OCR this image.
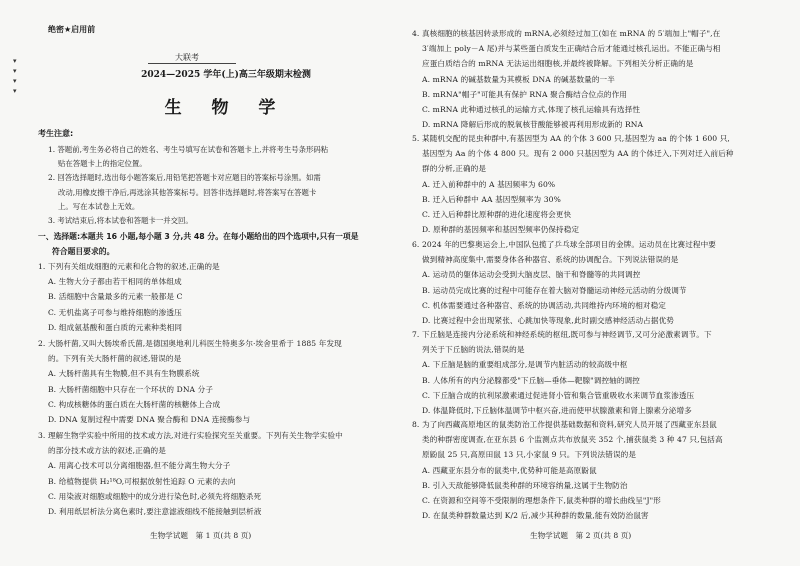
绝密★启用前
▾
▾
▾
▾
大联考
2024—2025 学年(上)高三年级期末检测
生 物 学
考生注意:

1. 答题前,考生务必将自己的姓名、考生号填写在试卷和答题卡上,并将考生号条形码粘

贴在答题卡上的指定位置。

2. 回答选择题时,选出每小题答案后,用铅笔把答题卡对应题目的答案标号涂黑。如需

改动,用橡皮擦干净后,再选涂其他答案标号。回答非选择题时,将答案写在答题卡

上。写在本试卷上无效。

3. 考试结束后,将本试卷和答题卡一并交回。

一、选择题:本题共 16 小题,每小题 3 分,共 48 分。在每小题给出的四个选项中,只有一项是
符合题目要求的。

1. 下列有关组成细胞的元素和化合物的叙述,正确的是

A. 生物大分子都由若干相同的单体组成

B. 活细胞中含量最多的元素一般都是 C

C. 无机盐离子可参与维持细胞的渗透压

D. 组成氨基酸和蛋白质的元素种类相同

2. 大肠杆菌,又叫大肠埃希氏菌,是德国奥地利儿科医生特奥多尔·埃舍里希于 1885 年发现

的。下列有关大肠杆菌的叙述,错误的是

A. 大肠杆菌具有生物膜,但不具有生物膜系统

B. 大肠杆菌细胞中只存在一个环状的 DNA 分子

C. 构成核糖体的蛋白质在大肠杆菌的核糖体上合成

D. DNA 复制过程中需要 DNA 聚合酶和 DNA 连接酶参与

3. 理解生物学实验中所用的技术或方法,对进行实验探究至关重要。下列有关生物学实验中

的部分技术或方法的叙述,正确的是

A. 用离心技术可以分离细胞器,但不能分离生物大分子

B. 给植物提供 H₂¹⁸O,可根据放射性追踪 O 元素的去向

C. 用染液对细胞或细胞中的成分进行染色时,必须先将细胞杀死

D. 利用纸层析法分离色素时,要注意滤液细线不能接触到层析液

4. 真核细胞的核基因转录形成的 mRNA,必须经过加工(如在 mRNA 的 5′端加上"帽子",在

3′端加上 poly－A 尾)并与某些蛋白质发生正确结合后才能通过核孔运出。不能正确与相

应蛋白质结合的 mRNA 无法运出细胞核,并最终被降解。下列相关分析正确的是

A. mRNA 的碱基数量为其模板 DNA 的碱基数量的一半

B. mRNA"帽子"可能具有保护 RNA 聚合酶结合位点的作用

C. mRNA 此种通过核孔的运输方式,体现了核孔运输具有选择性

D. mRNA 降解后形成的脱氧核苷酸能够被再利用形成新的 RNA

5. 某随机交配的昆虫种群中,有基因型为 AA 的个体 3 600 只,基因型为 aa 的个体 1 600 只,

基因型为 Aa 的个体 4 800 只。现有 2 000 只基因型为 AA 的个体迁入,下列对迁入前后种

群的分析,正确的是

A. 迁入前种群中的 A 基因频率为 60%

B. 迁入后种群中 AA 基因型频率为 30%

C. 迁入后种群比原种群的进化速度将会更快

D. 原种群的基因频率和基因型频率仍保持稳定

6. 2024 年的巴黎奥运会上,中国队包揽了乒乓球全部项目的金牌。运动员在比赛过程中要

做到精神高度集中,需要身体各种器官、系统的协调配合。下列说法错误的是

A. 运动员的躯体运动会受到大脑皮层、脑干和脊髓等的共同调控

B. 运动员完成比赛的过程中可能存在着大脑对脊髓运动神经元活动的分级调节

C. 机体需要通过各种器官、系统的协调活动,共同维持内环境的相对稳定

D. 比赛过程中会出现紧张、心跳加快等现象,此时副交感神经活动占据优势

7. 下丘脑是连接内分泌系统和神经系统的枢纽,既可参与神经调节,又可分泌激素调节。下

列关于下丘脑的说法,错误的是

A. 下丘脑是脑的重要组成部分,是调节内脏活动的较高级中枢

B. 人体所有的内分泌腺都受"下丘脑—垂体—靶腺"调控轴的调控

C. 下丘脑合成的抗利尿激素通过促进肾小管和集合管重吸收水来调节血浆渗透压

D. 体温降低时,下丘脑体温调节中枢兴奋,进而使甲状腺激素和肾上腺素分泌增多

8. 为了向西藏高原地区的鼠类防治工作提供基础数据和资料,研究人员开展了西藏亚东县鼠

类的种群密度调查,在亚东县 6 个监测点共布放鼠夹 352 个,捕获鼠类 3 种 47 只,包括高

原鼢鼠 25 只,高原田鼠 13 只,小家鼠 9 只。下列说法错误的是

A. 西藏亚东县分布的鼠类中,优势种可能是高原鼢鼠

B. 引入天敌能够降低鼠类种群的环境容纳量,这属于生物防治

C. 在资源和空间等不受限制的理想条件下,鼠类种群的增长曲线呈"J"形

D. 在鼠类种群数量达到 K/2 后,减少其种群的数量,能有效防治鼠害

生物学试题　第 1 页(共 8 页)	生物学试题　第 2 页(共 8 页)
